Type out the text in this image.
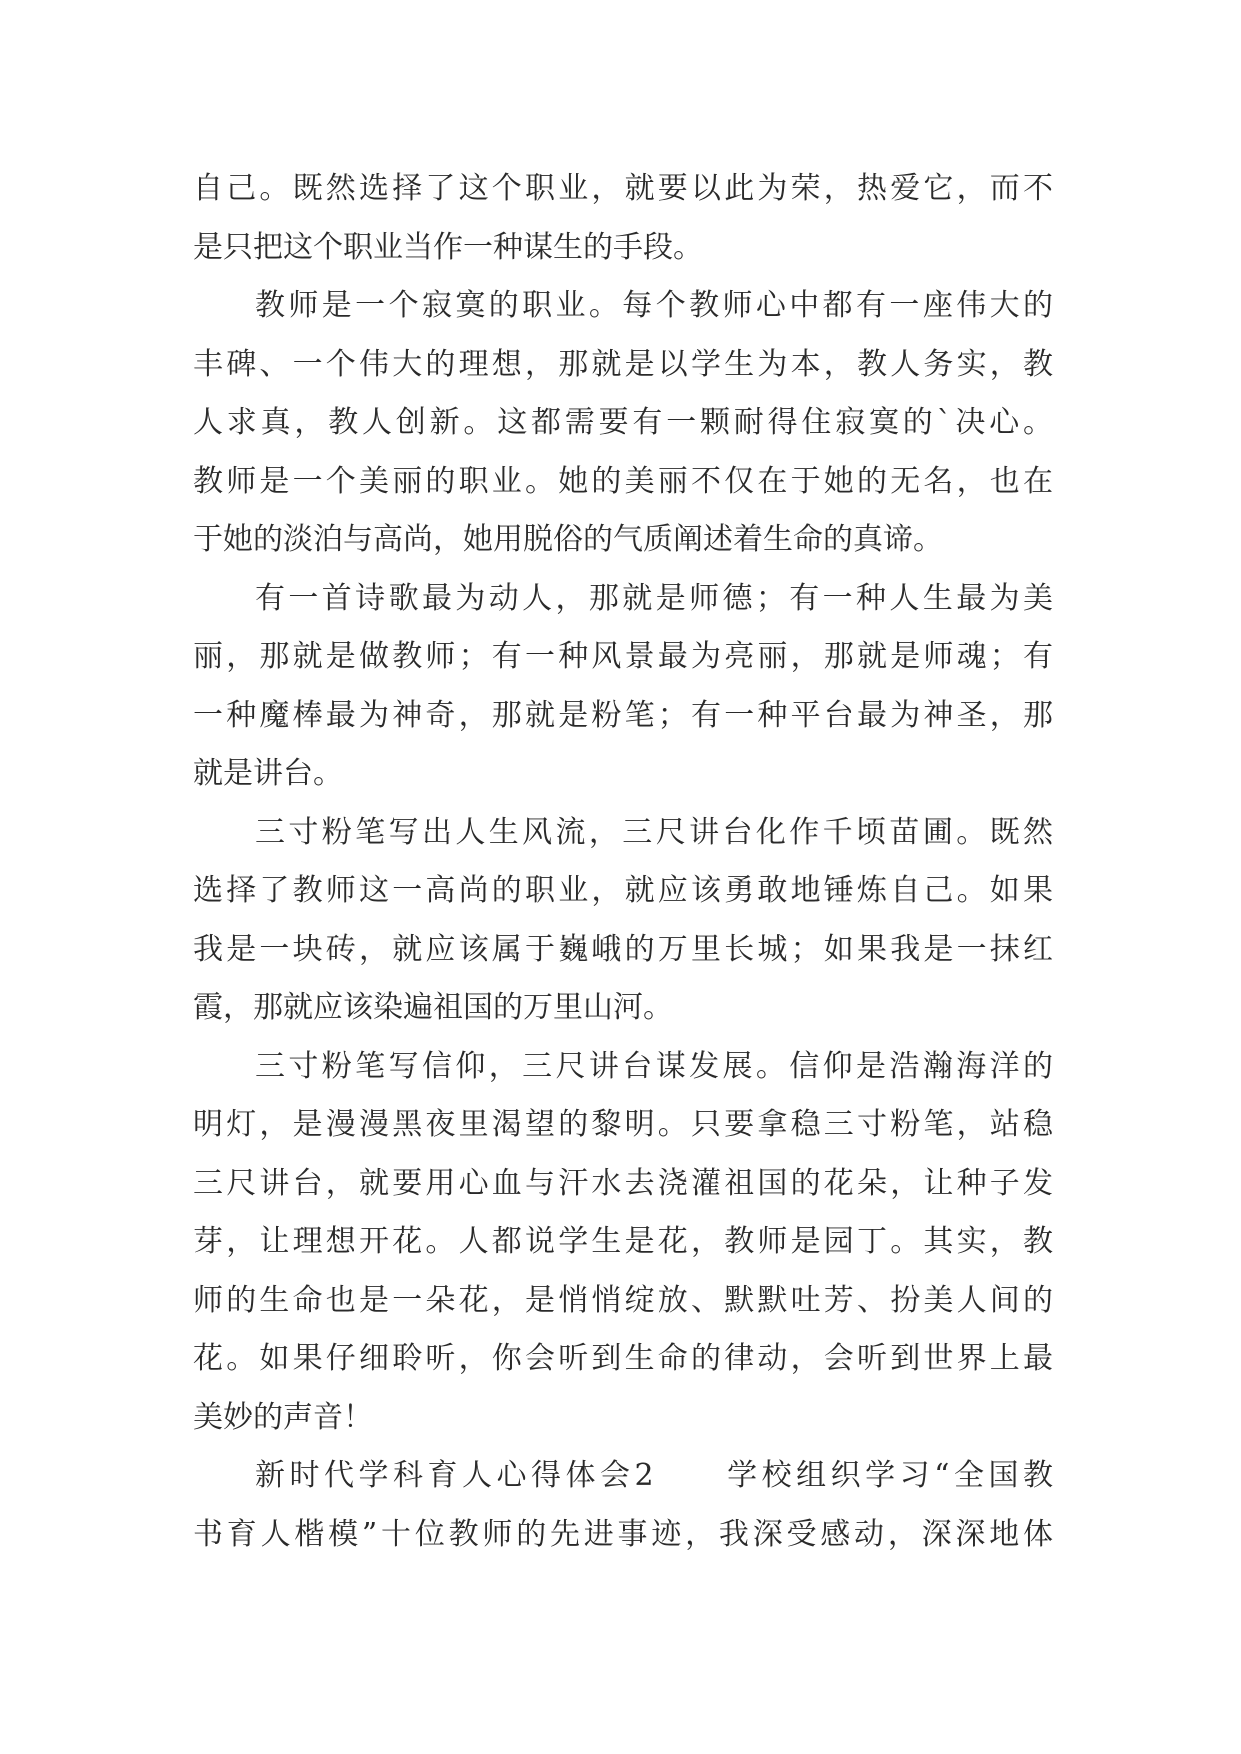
自己。既然选择了这个职业，就要以此为荣，热爱它，而不
是只把这个职业当作一种谋生的手段。
教师是一个寂寞的职业。每个教师心中都有一座伟大的
丰碑、一个伟大的理想，那就是以学生为本，教人务实，教
人求真，教人创新。这都需要有一颗耐得住寂寞的`决心。
教师是一个美丽的职业。她的美丽不仅在于她的无名，也在
于她的淡泊与高尚，她用脱俗的气质阐述着生命的真谛。
有一首诗歌最为动人，那就是师德；有一种人生最为美
丽，那就是做教师；有一种风景最为亮丽，那就是师魂；有
一种魔棒最为神奇，那就是粉笔；有一种平台最为神圣，那
就是讲台。
三寸粉笔写出人生风流，三尺讲台化作千顷苗圃。既然
选择了教师这一高尚的职业，就应该勇敢地锤炼自己。如果
我是一块砖，就应该属于巍峨的万里长城；如果我是一抹红
霞，那就应该染遍祖国的万里山河。
三寸粉笔写信仰，三尺讲台谋发展。信仰是浩瀚海洋的
明灯，是漫漫黑夜里渴望的黎明。只要拿稳三寸粉笔，站稳
三尺讲台，就要用心血与汗水去浇灌祖国的花朵，让种子发
芽，让理想开花。人都说学生是花，教师是园丁。其实，教
师的生命也是一朵花，是悄悄绽放、默默吐芳、扮美人间的
花。如果仔细聆听，你会听到生命的律动，会听到世界上最
美妙的声音！
新时代学科育人心得体会2　　学校组织学习“全国教
书育人楷模”十位教师的先进事迹，我深受感动，深深地体
